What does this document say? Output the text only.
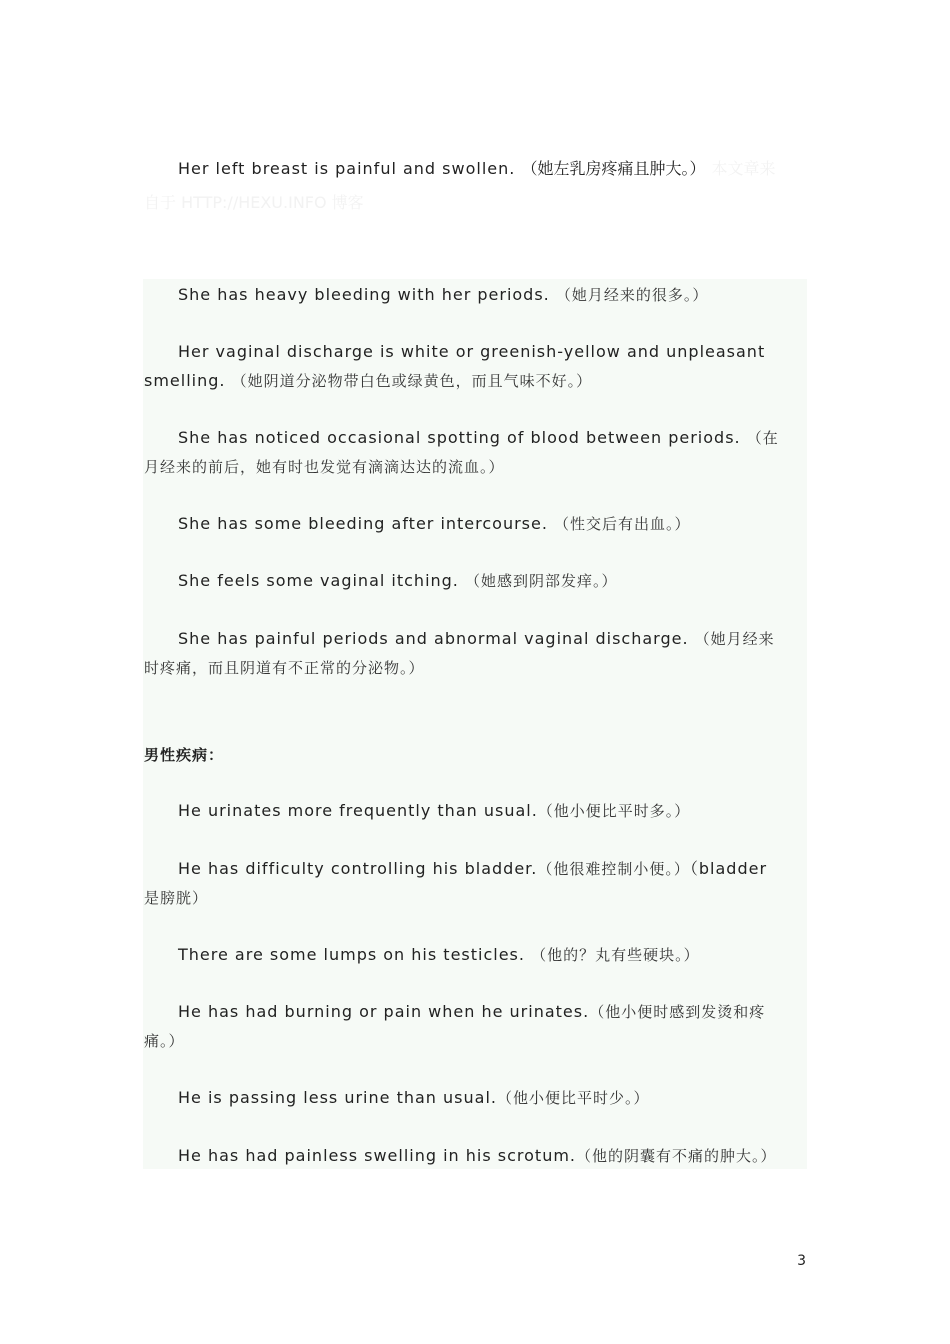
Her left breast is painful and swollen. （她左乳房疼痛且肿大。） 本文章来
自于 HTTP://HEXU.INFO 博客
She has heavy bleeding with her periods. （她月经来的很多。）
Her vaginal discharge is white or greenish-yellow and unpleasant
smelling. （她阴道分泌物带白色或绿黄色，而且气味不好。）
She has noticed occasional spotting of blood between periods. （在
月经来的前后，她有时也发觉有滴滴达达的流血。）
She has some bleeding after intercourse. （性交后有出血。）
She feels some vaginal itching. （她感到阴部发痒。）
She has painful periods and abnormal vaginal discharge. （她月经来
时疼痛，而且阴道有不正常的分泌物。）
男性疾病：
He urinates more frequently than usual.（他小便比平时多。）
He has difficulty controlling his bladder.（他很难控制小便。）（bladder
是膀胱）
There are some lumps on his testicles. （他的？丸有些硬块。）
He has had burning or pain when he urinates.（他小便时感到发烫和疼
痛。）
He is passing less urine than usual.（他小便比平时少。）
He has had painless swelling in his scrotum.（他的阴囊有不痛的肿大。）
3
